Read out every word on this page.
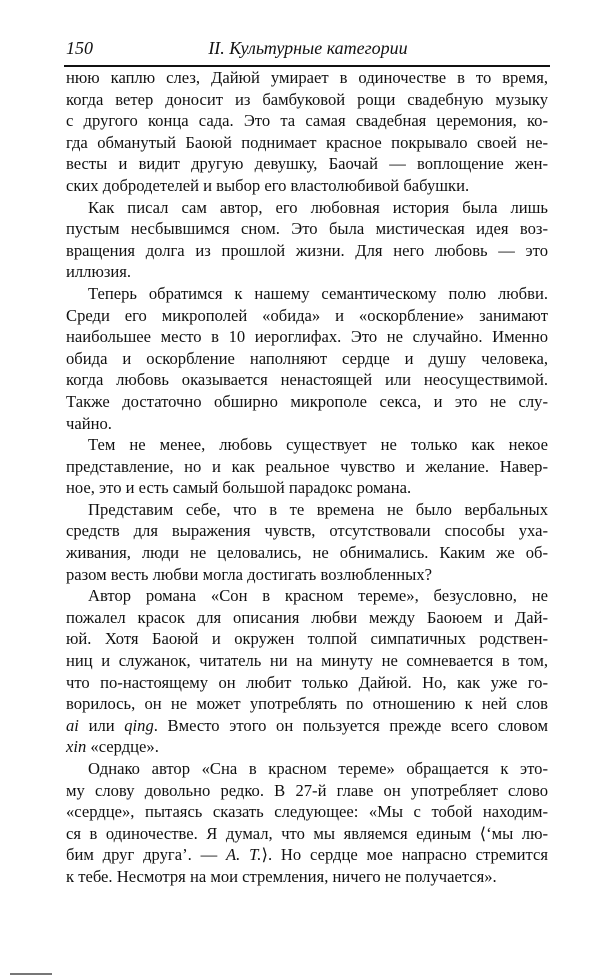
150	II. Культурные категории
нюю каплю слез, Дайюй умирает в одиночестве в то время,
когда ветер доносит из бамбуковой рощи свадебную музыку
с другого конца сада. Это та самая свадебная церемония, ко-
гда обманутый Баоюй поднимает красное покрывало своей не-
весты и видит другую девушку, Баочай — воплощение жен-
ских добродетелей и выбор его властолюбивой бабушки.
Как писал сам автор, его любовная история была лишь
пустым несбывшимся сном. Это была мистическая идея воз-
вращения долга из прошлой жизни. Для него любовь — это
иллюзия.
Теперь обратимся к нашему семантическому полю любви.
Среди его микрополей «обида» и «оскорбление» занимают
наибольшее место в 10 иероглифах. Это не случайно. Именно
обида и оскорбление наполняют сердце и душу человека,
когда любовь оказывается ненастоящей или неосуществимой.
Также достаточно обширно микрополе секса, и это не слу-
чайно.
Тем не менее, любовь существует не только как некое
представление, но и как реальное чувство и желание. Навер-
ное, это и есть самый большой парадокс романа.
Представим себе, что в те времена не было вербальных
средств для выражения чувств, отсутствовали способы уха-
живания, люди не целовались, не обнимались. Каким же об-
разом весть любви могла достигать возлюбленных?
Автор романа «Сон в красном тереме», безусловно, не
пожалел красок для описания любви между Баоюем и Дай-
юй. Хотя Баоюй и окружен толпой симпатичных родствен-
ниц и служанок, читатель ни на минуту не сомневается в том,
что по-настоящему он любит только Дайюй. Но, как уже го-
ворилось, он не может употреблять по отношению к ней слов
ai или qing. Вместо этого он пользуется прежде всего словом
xin «сердце».
Однако автор «Сна в красном тереме» обращается к это-
му слову довольно редко. В 27-й главе он употребляет слово
«сердце», пытаясь сказать следующее: «Мы с тобой находим-
ся в одиночестве. Я думал, что мы являемся единым ⟨‘мы лю-
бим друг друга’. — А. Т.⟩. Но сердце мое напрасно стремится
к тебе. Несмотря на мои стремления, ничего не получается».
